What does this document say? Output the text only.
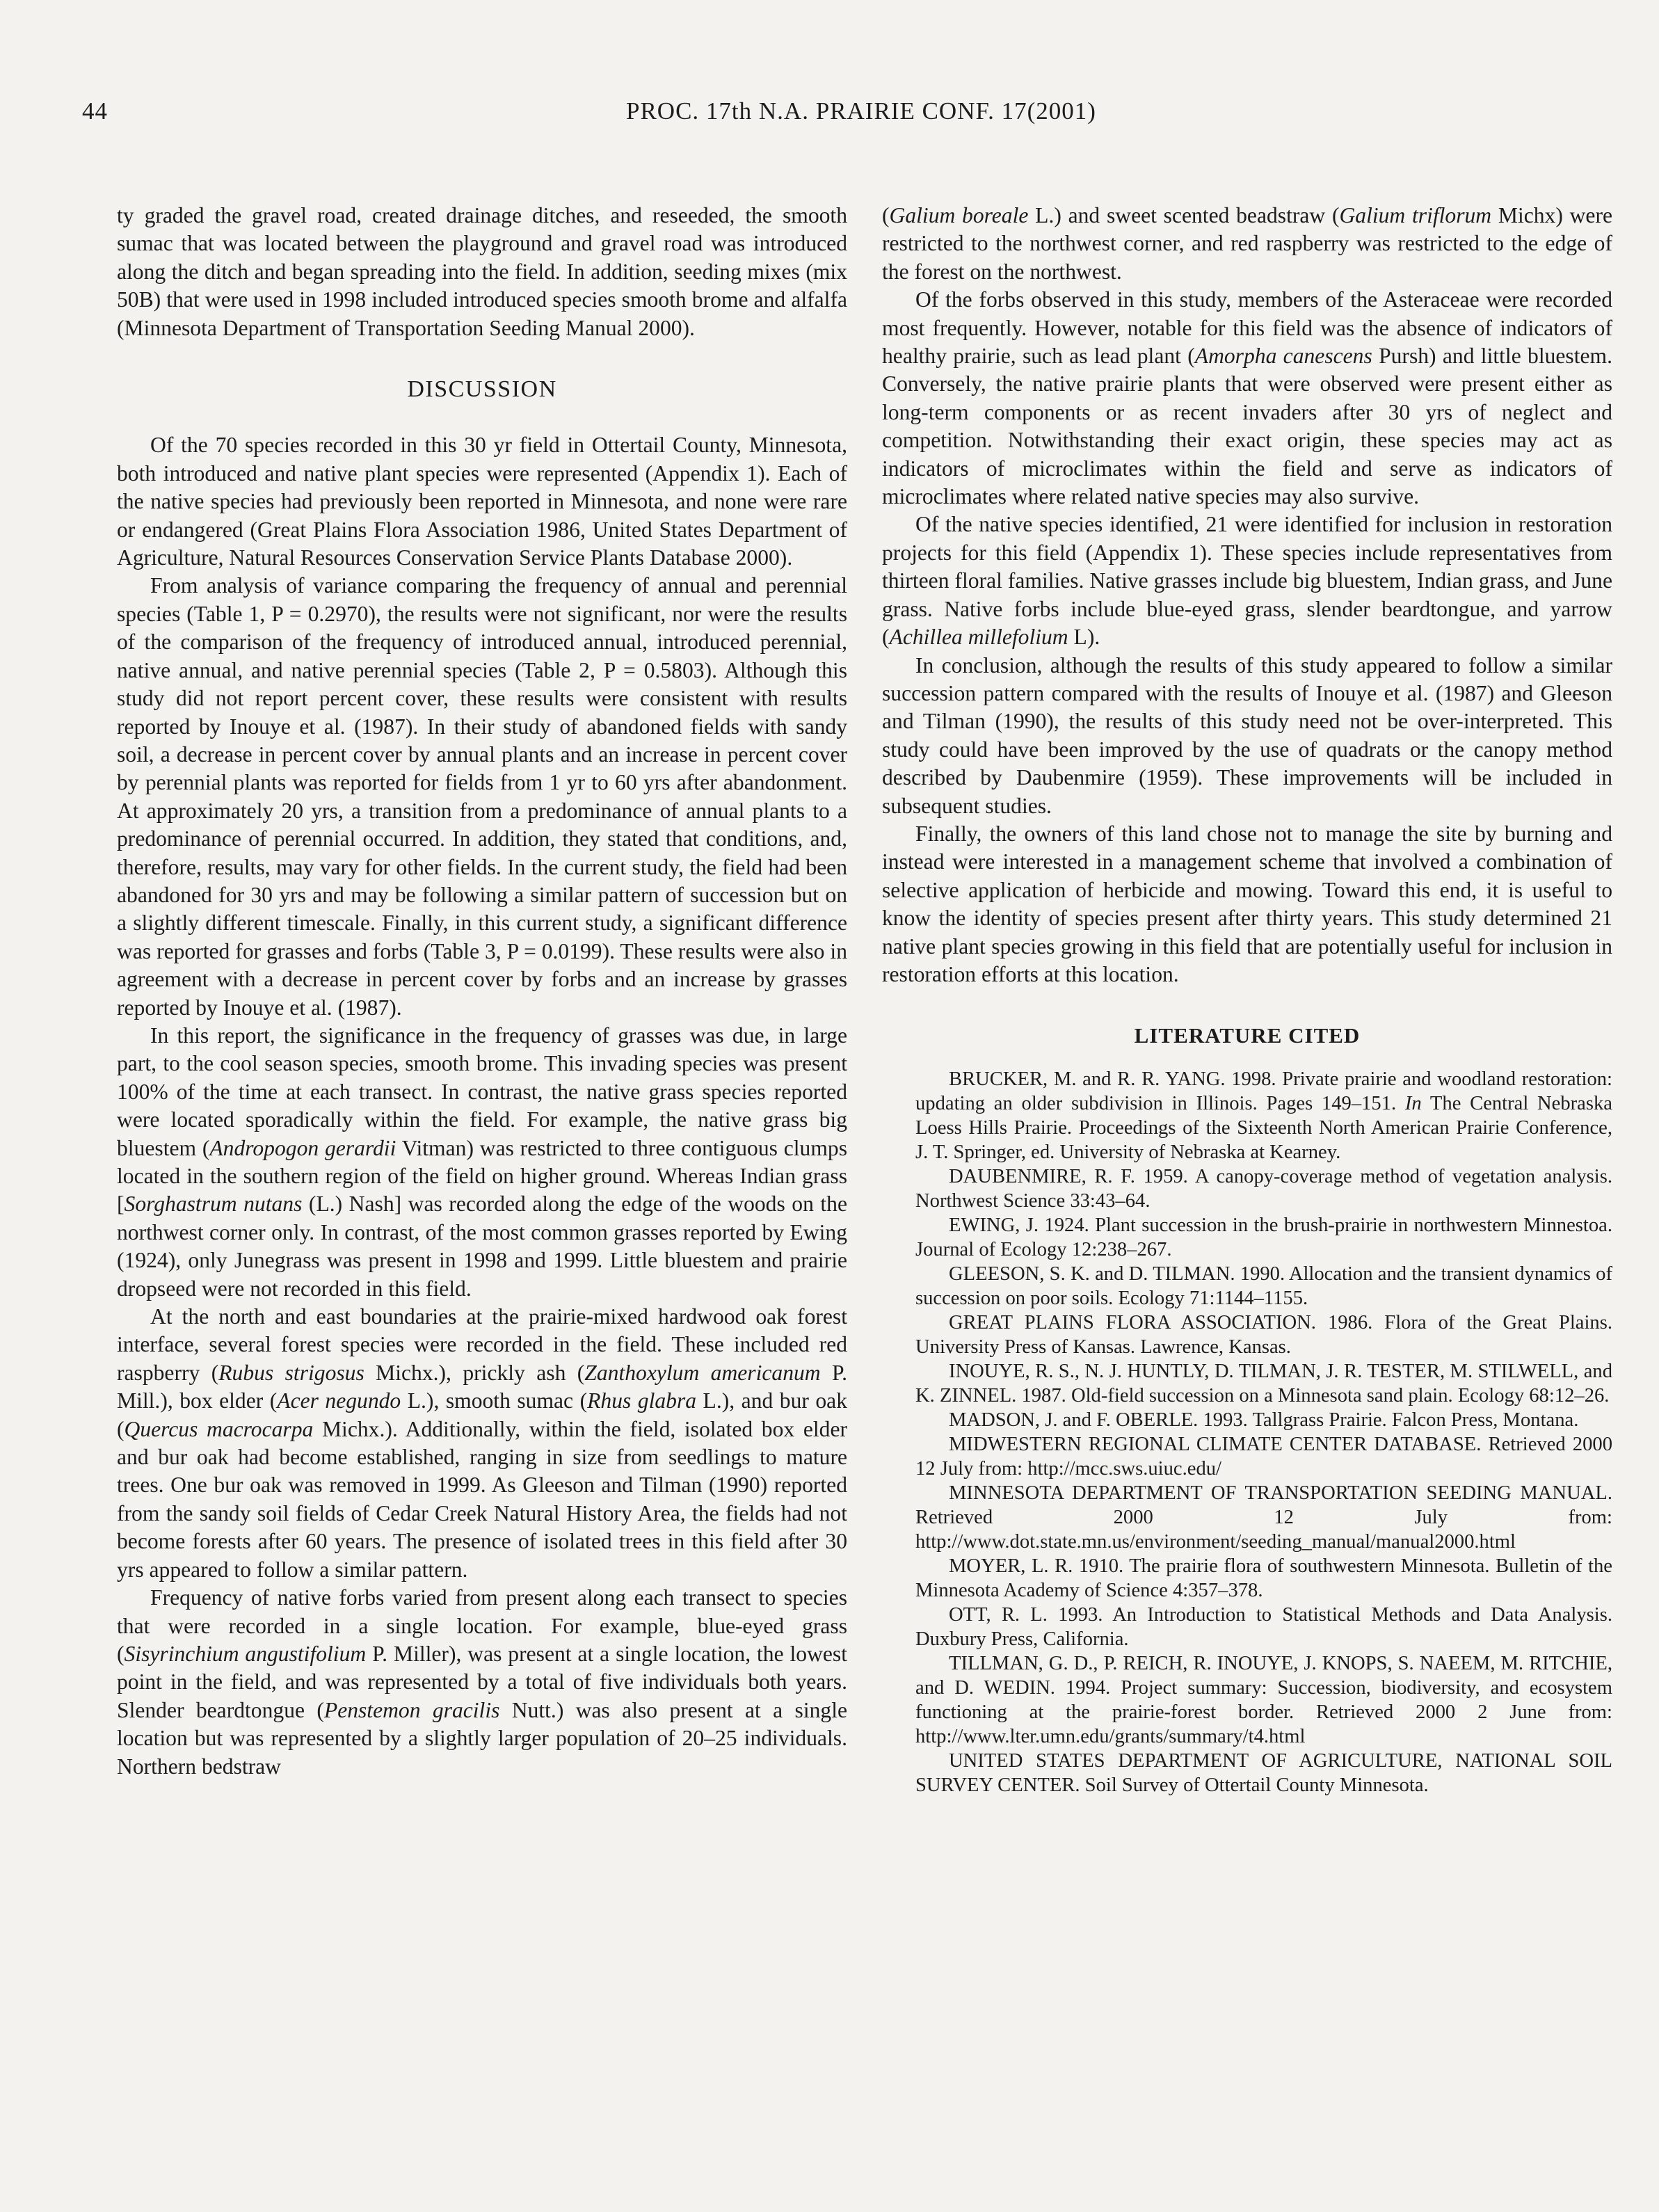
44	PROC. 17th N.A. PRAIRIE CONF. 17(2001)

ty graded the gravel road, created drainage ditches, and reseeded, the smooth sumac that was located between the playground and gravel road was introduced along the ditch and began spreading into the field. In addition, seeding mixes (mix 50B) that were used in 1998 included introduced species smooth brome and alfalfa (Minnesota Department of Transportation Seeding Manual 2000).

DISCUSSION

Of the 70 species recorded in this 30 yr field in Ottertail County, Minnesota, both introduced and native plant species were represented (Appendix 1). Each of the native species had previously been reported in Minnesota, and none were rare or endangered (Great Plains Flora Association 1986, United States Department of Agriculture, Natural Resources Conservation Service Plants Database 2000).

From analysis of variance comparing the frequency of annual and perennial species (Table 1, P = 0.2970), the results were not significant, nor were the results of the comparison of the frequency of introduced annual, introduced perennial, native annual, and native perennial species (Table 2, P = 0.5803). Although this study did not report percent cover, these results were consistent with results reported by Inouye et al. (1987). In their study of abandoned fields with sandy soil, a decrease in percent cover by annual plants and an increase in percent cover by perennial plants was reported for fields from 1 yr to 60 yrs after abandonment. At approximately 20 yrs, a transition from a predominance of annual plants to a predominance of perennial occurred. In addition, they stated that conditions, and, therefore, results, may vary for other fields. In the current study, the field had been abandoned for 30 yrs and may be following a similar pattern of succession but on a slightly different timescale. Finally, in this current study, a significant difference was reported for grasses and forbs (Table 3, P = 0.0199). These results were also in agreement with a decrease in percent cover by forbs and an increase by grasses reported by Inouye et al. (1987).

In this report, the significance in the frequency of grasses was due, in large part, to the cool season species, smooth brome. This invading species was present 100% of the time at each transect. In contrast, the native grass species reported were located sporadically within the field. For example, the native grass big bluestem (Andropogon gerardii Vitman) was restricted to three contiguous clumps located in the southern region of the field on higher ground. Whereas Indian grass [Sorghastrum nutans (L.) Nash] was recorded along the edge of the woods on the northwest corner only. In contrast, of the most common grasses reported by Ewing (1924), only Junegrass was present in 1998 and 1999. Little bluestem and prairie dropseed were not recorded in this field.

At the north and east boundaries at the prairie-mixed hardwood oak forest interface, several forest species were recorded in the field. These included red raspberry (Rubus strigosus Michx.), prickly ash (Zanthoxylum americanum P. Mill.), box elder (Acer negundo L.), smooth sumac (Rhus glabra L.), and bur oak (Quercus macrocarpa Michx.). Additionally, within the field, isolated box elder and bur oak had become established, ranging in size from seedlings to mature trees. One bur oak was removed in 1999. As Gleeson and Tilman (1990) reported from the sandy soil fields of Cedar Creek Natural History Area, the fields had not become forests after 60 years. The presence of isolated trees in this field after 30 yrs appeared to follow a similar pattern.

Frequency of native forbs varied from present along each transect to species that were recorded in a single location. For example, blue-eyed grass (Sisyrinchium angustifolium P. Miller), was present at a single location, the lowest point in the field, and was represented by a total of five individuals both years. Slender beardtongue (Penstemon gracilis Nutt.) was also present at a single location but was represented by a slightly larger population of 20–25 individuals. Northern bedstraw

(Galium boreale L.) and sweet scented beadstraw (Galium triflorum Michx) were restricted to the northwest corner, and red raspberry was restricted to the edge of the forest on the northwest.

Of the forbs observed in this study, members of the Asteraceae were recorded most frequently. However, notable for this field was the absence of indicators of healthy prairie, such as lead plant (Amorpha canescens Pursh) and little bluestem. Conversely, the native prairie plants that were observed were present either as long-term components or as recent invaders after 30 yrs of neglect and competition. Notwithstanding their exact origin, these species may act as indicators of microclimates within the field and serve as indicators of microclimates where related native species may also survive.

Of the native species identified, 21 were identified for inclusion in restoration projects for this field (Appendix 1). These species include representatives from thirteen floral families. Native grasses include big bluestem, Indian grass, and June grass. Native forbs include blue-eyed grass, slender beardtongue, and yarrow (Achillea millefolium L).

In conclusion, although the results of this study appeared to follow a similar succession pattern compared with the results of Inouye et al. (1987) and Gleeson and Tilman (1990), the results of this study need not be over-interpreted. This study could have been improved by the use of quadrats or the canopy method described by Daubenmire (1959). These improvements will be included in subsequent studies.

Finally, the owners of this land chose not to manage the site by burning and instead were interested in a management scheme that involved a combination of selective application of herbicide and mowing. Toward this end, it is useful to know the identity of species present after thirty years. This study determined 21 native plant species growing in this field that are potentially useful for inclusion in restoration efforts at this location.

LITERATURE CITED

BRUCKER, M. and R. R. YANG. 1998. Private prairie and woodland restoration: updating an older subdivision in Illinois. Pages 149–151. In The Central Nebraska Loess Hills Prairie. Proceedings of the Sixteenth North American Prairie Conference, J. T. Springer, ed. University of Nebraska at Kearney.

DAUBENMIRE, R. F. 1959. A canopy-coverage method of vegetation analysis. Northwest Science 33:43–64.

EWING, J. 1924. Plant succession in the brush-prairie in northwestern Minnestoa. Journal of Ecology 12:238–267.

GLEESON, S. K. and D. TILMAN. 1990. Allocation and the transient dynamics of succession on poor soils. Ecology 71:1144–1155.

GREAT PLAINS FLORA ASSOCIATION. 1986. Flora of the Great Plains. University Press of Kansas. Lawrence, Kansas.

INOUYE, R. S., N. J. HUNTLY, D. TILMAN, J. R. TESTER, M. STILWELL, and K. ZINNEL. 1987. Old-field succession on a Minnesota sand plain. Ecology 68:12–26.

MADSON, J. and F. OBERLE. 1993. Tallgrass Prairie. Falcon Press, Montana.

MIDWESTERN REGIONAL CLIMATE CENTER DATABASE. Retrieved 2000 12 July from: http://mcc.sws.uiuc.edu/

MINNESOTA DEPARTMENT OF TRANSPORTATION SEEDING MANUAL. Retrieved 2000 12 July from: http://www.dot.state.mn.us/environment/seeding_manual/manual2000.html

MOYER, L. R. 1910. The prairie flora of southwestern Minnesota. Bulletin of the Minnesota Academy of Science 4:357–378.

OTT, R. L. 1993. An Introduction to Statistical Methods and Data Analysis. Duxbury Press, California.

TILLMAN, G. D., P. REICH, R. INOUYE, J. KNOPS, S. NAEEM, M. RITCHIE, and D. WEDIN. 1994. Project summary: Succession, biodiversity, and ecosystem functioning at the prairie-forest border. Retrieved 2000 2 June from: http://www.lter.umn.edu/grants/summary/t4.html

UNITED STATES DEPARTMENT OF AGRICULTURE, NATIONAL SOIL SURVEY CENTER. Soil Survey of Ottertail County Minnesota.
